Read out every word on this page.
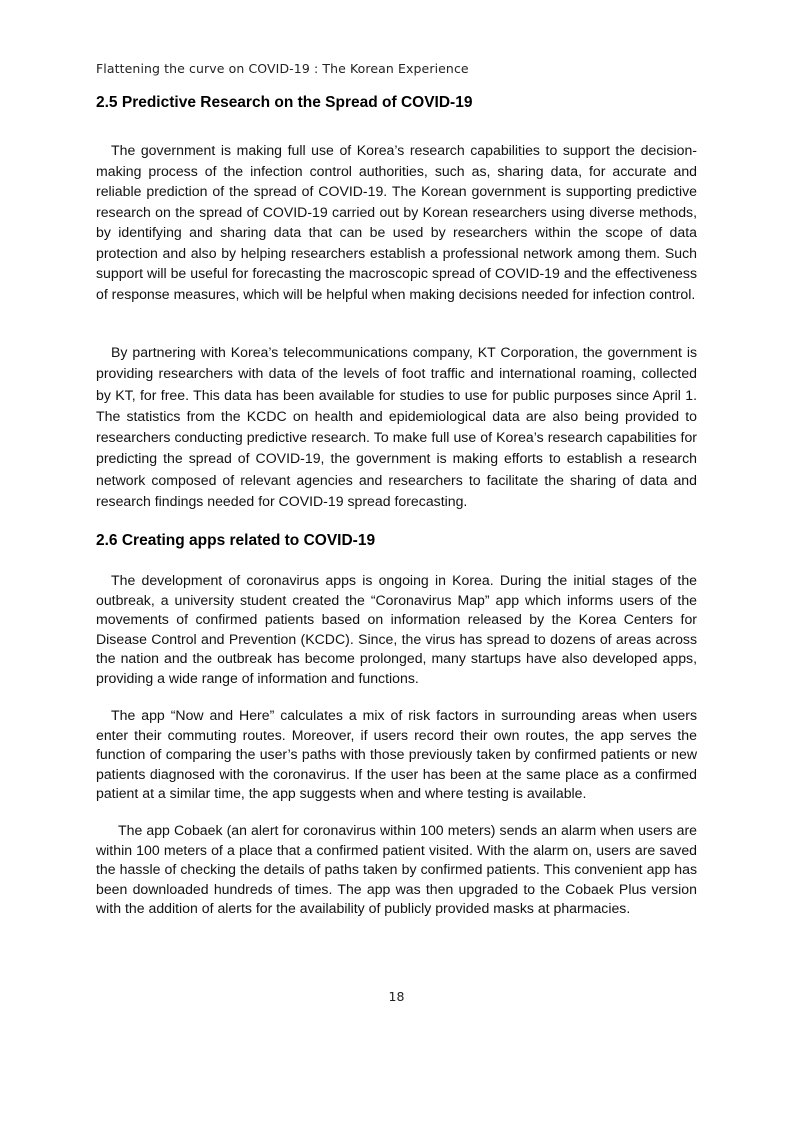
Flattening the curve on COVID-19 : The Korean Experience
2.5 Predictive Research on the Spread of COVID-19

The government is making full use of Korea’s research capabilities to support the decision-making process of the infection control authorities, such as, sharing data, for accurate and reliable prediction of the spread of COVID-19. The Korean government is supporting predictive research on the spread of COVID-19 carried out by Korean researchers using diverse methods, by identifying and sharing data that can be used by researchers within the scope of data protection and also by helping researchers establish a professional network among them. Such support will be useful for forecasting the macroscopic spread of COVID-19 and the effectiveness of response measures, which will be helpful when making decisions needed for infection control.

By partnering with Korea’s telecommunications company, KT Corporation, the government is providing researchers with data of the levels of foot traffic and international roaming, collected by KT, for free. This data has been available for studies to use for public purposes since April 1. The statistics from the KCDC on health and epidemiological data are also being provided to researchers conducting predictive research. To make full use of Korea’s research capabilities for predicting the spread of COVID-19, the government is making efforts to establish a research network composed of relevant agencies and researchers to facilitate the sharing of data and research findings needed for COVID-19 spread forecasting.

2.6 Creating apps related to COVID-19

The development of coronavirus apps is ongoing in Korea. During the initial stages of the outbreak, a university student created the “Coronavirus Map” app which informs users of the movements of confirmed patients based on information released by the Korea Centers for Disease Control and Prevention (KCDC). Since, the virus has spread to dozens of areas across the nation and the outbreak has become prolonged, many startups have also developed apps, providing a wide range of information and functions.

The app “Now and Here” calculates a mix of risk factors in surrounding areas when users enter their commuting routes. Moreover, if users record their own routes, the app serves the function of comparing the user’s paths with those previously taken by confirmed patients or new patients diagnosed with the coronavirus. If the user has been at the same place as a confirmed patient at a similar time, the app suggests when and where testing is available.

The app Cobaek (an alert for coronavirus within 100 meters) sends an alarm when users are within 100 meters of a place that a confirmed patient visited. With the alarm on, users are saved the hassle of checking the details of paths taken by confirmed patients. This convenient app has been downloaded hundreds of times. The app was then upgraded to the Cobaek Plus version with the addition of alerts for the availability of publicly provided masks at pharmacies.

18
